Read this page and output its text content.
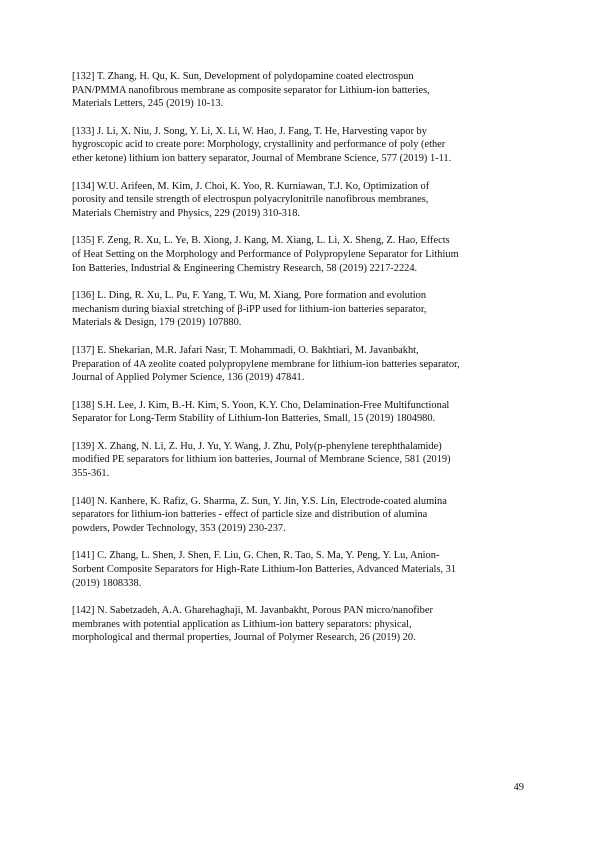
[132] T. Zhang, H. Qu, K. Sun, Development of polydopamine coated electrospun
PAN/PMMA nanofibrous membrane as composite separator for Lithium-ion batteries,
Materials Letters, 245 (2019) 10-13.

[133] J. Li, X. Niu, J. Song, Y. Li, X. Li, W. Hao, J. Fang, T. He, Harvesting vapor by
hygroscopic acid to create pore: Morphology, crystallinity and performance of poly (ether
ether ketone) lithium ion battery separator, Journal of Membrane Science, 577 (2019) 1-11.

[134] W.U. Arifeen, M. Kim, J. Choi, K. Yoo, R. Kurniawan, T.J. Ko, Optimization of
porosity and tensile strength of electrospun polyacrylonitrile nanofibrous membranes,
Materials Chemistry and Physics, 229 (2019) 310-318.

[135] F. Zeng, R. Xu, L. Ye, B. Xiong, J. Kang, M. Xiang, L. Li, X. Sheng, Z. Hao, Effects
of Heat Setting on the Morphology and Performance of Polypropylene Separator for Lithium
Ion Batteries, Industrial & Engineering Chemistry Research, 58 (2019) 2217-2224.

[136] L. Ding, R. Xu, L. Pu, F. Yang, T. Wu, M. Xiang, Pore formation and evolution
mechanism during biaxial stretching of β-iPP used for lithium-ion batteries separator,
Materials & Design, 179 (2019) 107880.

[137] E. Shekarian, M.R. Jafari Nasr, T. Mohammadi, O. Bakhtiari, M. Javanbakht,
Preparation of 4A zeolite coated polypropylene membrane for lithium-ion batteries separator,
Journal of Applied Polymer Science, 136 (2019) 47841.

[138] S.H. Lee, J. Kim, B.-H. Kim, S. Yoon, K.Y. Cho, Delamination-Free Multifunctional
Separator for Long-Term Stability of Lithium-Ion Batteries, Small, 15 (2019) 1804980.

[139] X. Zhang, N. Li, Z. Hu, J. Yu, Y. Wang, J. Zhu, Poly(p-phenylene terephthalamide)
modified PE separators for lithium ion batteries, Journal of Membrane Science, 581 (2019)
355-361.

[140] N. Kanhere, K. Rafiz, G. Sharma, Z. Sun, Y. Jin, Y.S. Lin, Electrode-coated alumina
separators for lithium-ion batteries - effect of particle size and distribution of alumina
powders, Powder Technology, 353 (2019) 230-237.

[141] C. Zhang, L. Shen, J. Shen, F. Liu, G. Chen, R. Tao, S. Ma, Y. Peng, Y. Lu, Anion-
Sorbent Composite Separators for High-Rate Lithium-Ion Batteries, Advanced Materials, 31
(2019) 1808338.

[142] N. Sabetzadeh, A.A. Gharehaghaji, M. Javanbakht, Porous PAN micro/nanofiber
membranes with potential application as Lithium-ion battery separators: physical,
morphological and thermal properties, Journal of Polymer Research, 26 (2019) 20.

49
